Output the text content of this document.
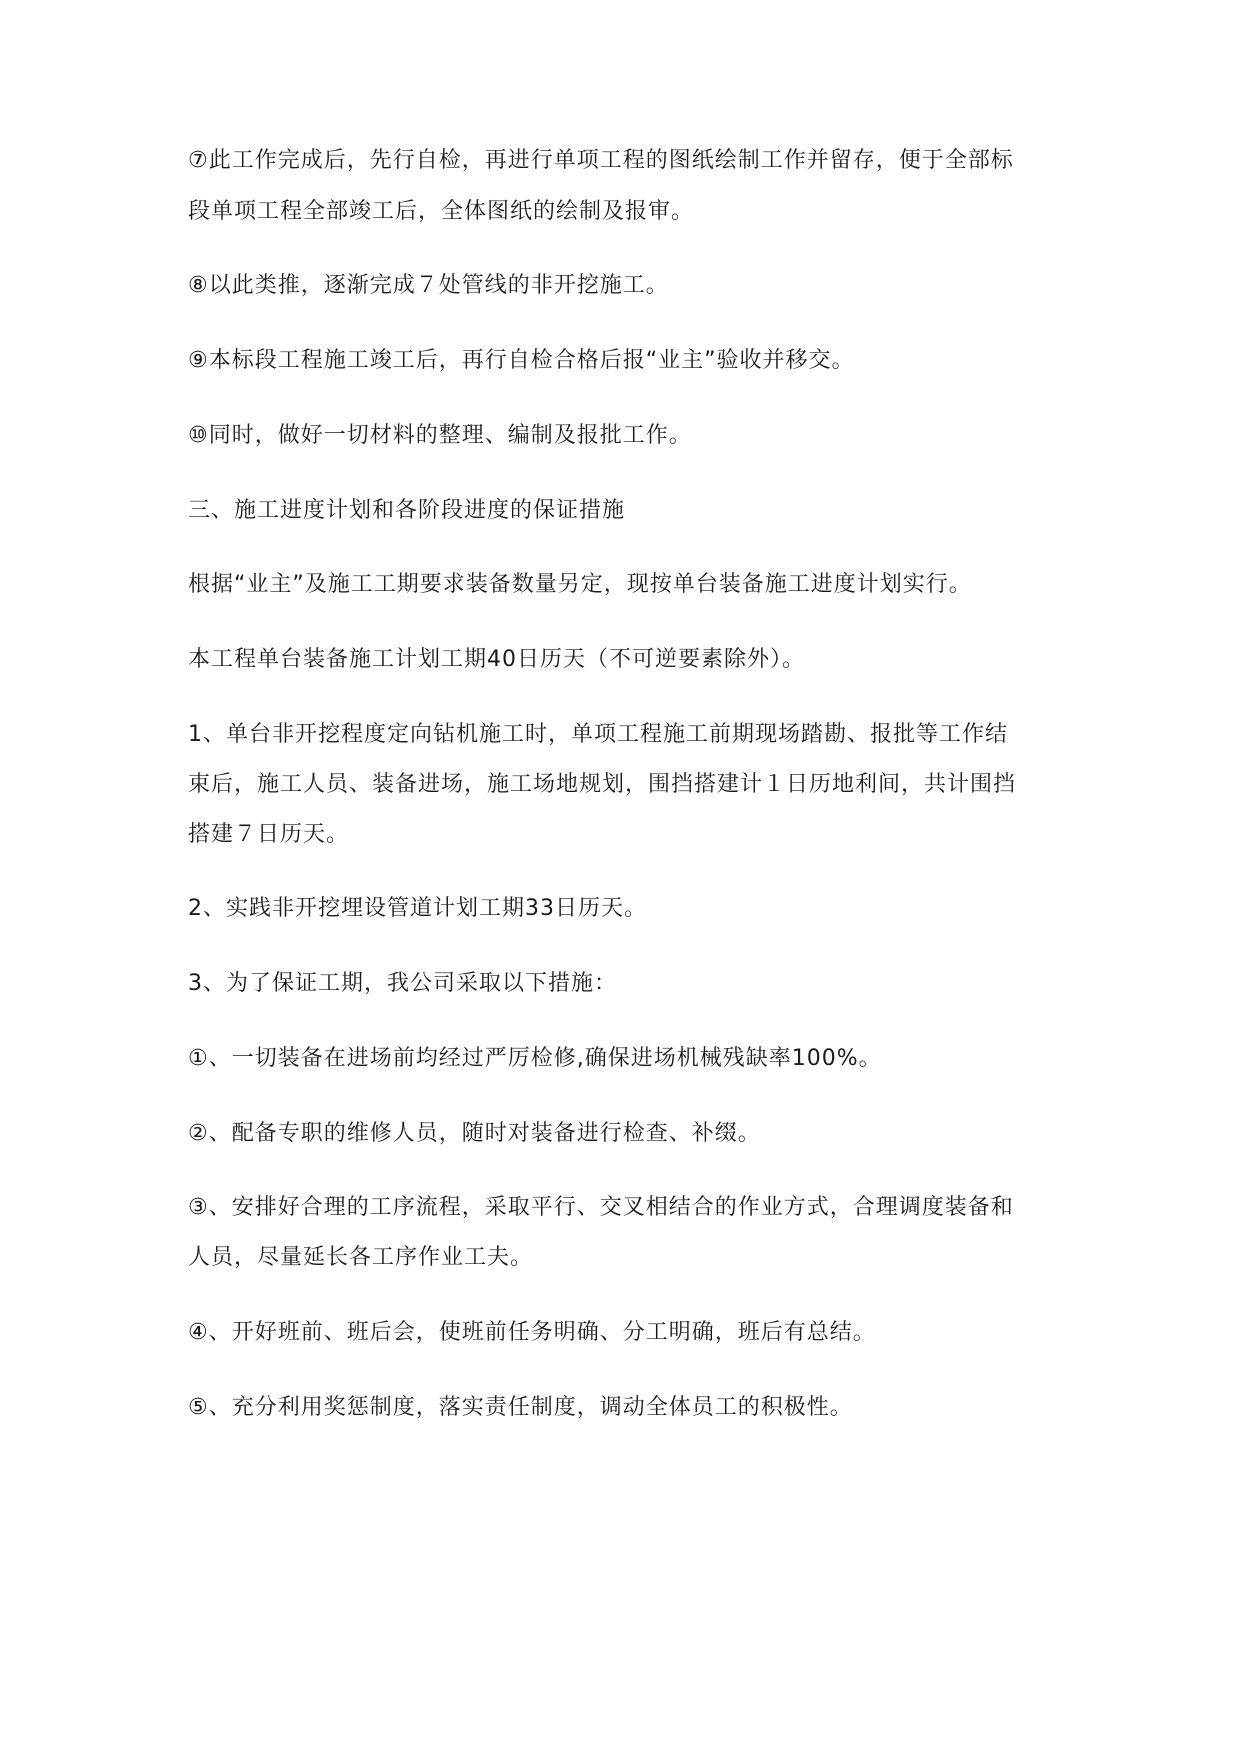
⑦此工作完成后，先行自检，再进行单项工程的图纸绘制工作并留存，便于全部标
段单项工程全部竣工后，全体图纸的绘制及报审。
⑧以此类推，逐渐完成７处管线的非开挖施工。
⑨本标段工程施工竣工后，再行自检合格后报“业主”验收并移交。
⑩同时，做好一切材料的整理、编制及报批工作。
三、施工进度计划和各阶段进度的保证措施
根据“业主”及施工工期要求装备数量另定，现按单台装备施工进度计划实行。
本工程单台装备施工计划工期40日历天（不可逆要素除外）。
1、单台非开挖程度定向钻机施工时，单项工程施工前期现场踏勘、报批等工作结
束后，施工人员、装备进场，施工场地规划，围挡搭建计１日历地利间，共计围挡
搭建７日历天。
2、实践非开挖埋设管道计划工期33日历天。
3、为了保证工期，我公司采取以下措施：
①、一切装备在进场前均经过严厉检修,确保进场机械残缺率100%。
②、配备专职的维修人员，随时对装备进行检查、补缀。
③、安排好合理的工序流程，采取平行、交叉相结合的作业方式，合理调度装备和
人员，尽量延长各工序作业工夫。
④、开好班前、班后会，使班前任务明确、分工明确，班后有总结。
⑤、充分利用奖惩制度，落实责任制度，调动全体员工的积极性。
